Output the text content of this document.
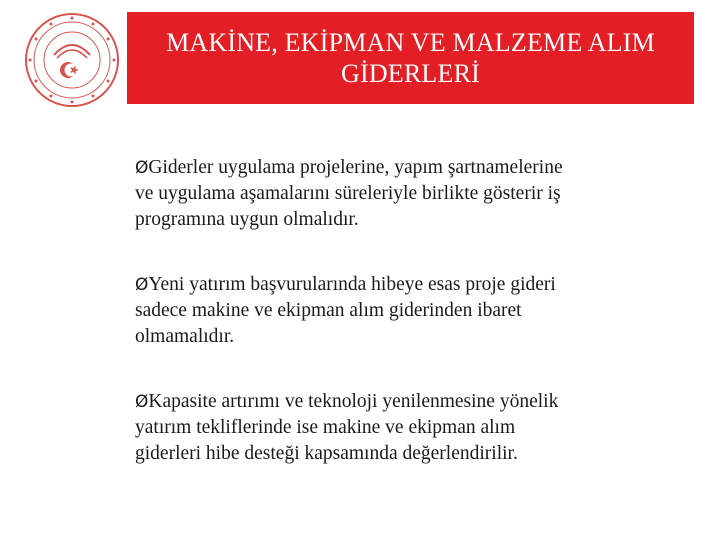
MAKİNE, EKİPMAN VE MALZEME ALIM
GİDERLERİ
ØGiderler uygulama projelerine, yapım şartnamelerine
ve uygulama aşamalarını süreleriyle birlikte gösterir iş
programına uygun olmalıdır.
ØYeni yatırım başvurularında hibeye esas proje gideri
sadece makine ve ekipman alım giderinden ibaret
olmamalıdır.
ØKapasite artırımı ve teknoloji yenilenmesine yönelik
yatırım tekliflerinde ise makine ve ekipman alım
giderleri hibe desteği kapsamında değerlendirilir.
